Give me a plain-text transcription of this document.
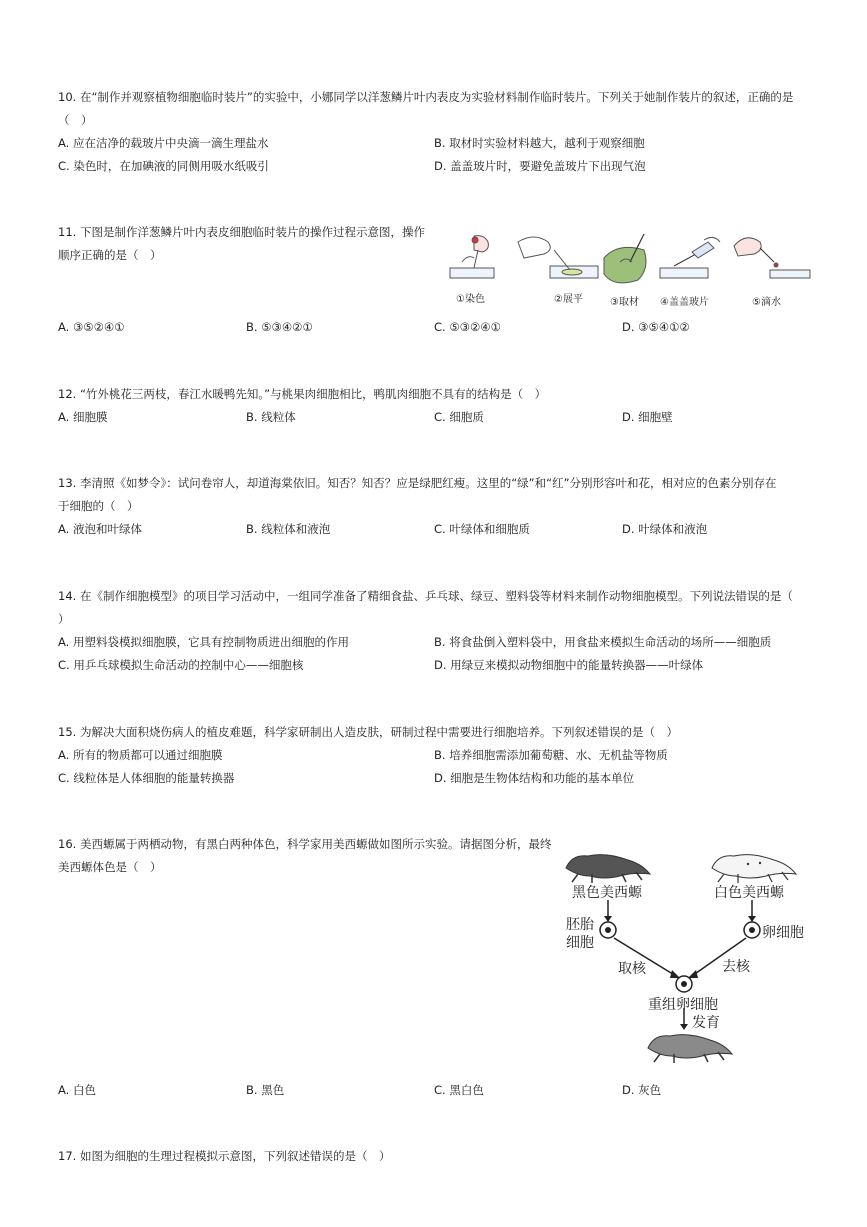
10. 在“制作并观察植物细胞临时装片”的实验中，小娜同学以洋葱鳞片叶内表皮为实验材料制作临时装片。下列关于她制作装片的叙述，正确的是
（　）
A. 应在洁净的载玻片中央滴一滴生理盐水	B. 取材时实验材料越大，越利于观察细胞
C. 染色时，在加碘液的同侧用吸水纸吸引	D. 盖盖玻片时，要避免盖玻片下出现气泡
11. 下图是制作洋葱鳞片叶内表皮细胞临时装片的操作过程示意图，操作
顺序正确的是（　）
①染色	②展平	③取材 ④盖盖玻片	⑤滴水
A. ③⑤②④①	B. ⑤③④②①	C. ⑤③②④①	D. ③⑤④①②
12. “竹外桃花三两枝，春江水暖鸭先知。”与桃果肉细胞相比，鸭肌肉细胞不具有的结构是（　）
A. 细胞膜	B. 线粒体	C. 细胞质	D. 细胞壁
13. 李清照《如梦令》：试问卷帘人，却道海棠依旧。知否？知否？应是绿肥红瘦。这里的“绿”和“红”分别形容叶和花，相对应的色素分别存在
于细胞的（　）
A. 液泡和叶绿体	B. 线粒体和液泡	C. 叶绿体和细胞质	D. 叶绿体和液泡
14. 在《制作细胞模型》的项目学习活动中，一组同学准备了精细食盐、乒乓球、绿豆、塑料袋等材料来制作动物细胞模型。下列说法错误的是（
）
A. 用塑料袋模拟细胞膜，它具有控制物质进出细胞的作用	B. 将食盐倒入塑料袋中，用食盐来模拟生命活动的场所——细胞质
C. 用乒乓球模拟生命活动的控制中心——细胞核	D. 用绿豆来模拟动物细胞中的能量转换器——叶绿体
15. 为解决大面积烧伤病人的植皮难题，科学家研制出人造皮肤，研制过程中需要进行细胞培养。下列叙述错误的是（　）
A. 所有的物质都可以通过细胞膜	B. 培养细胞需添加葡萄糖、水、无机盐等物质
C. 线粒体是人体细胞的能量转换器	D. 细胞是生物体结构和功能的基本单位
16. 美西螈属于两栖动物，有黑白两种体色，科学家用美西螈做如图所示实验。请据图分析，最终
美西螈体色是（　）
黑色美西螈	白色美西螈
胚胎
细胞
卵细胞
取核	去核
重组卵细胞
发育
A. 白色	B. 黑色	C. 黑白色	D. 灰色
17. 如图为细胞的生理过程模拟示意图，下列叙述错误的是（　）
